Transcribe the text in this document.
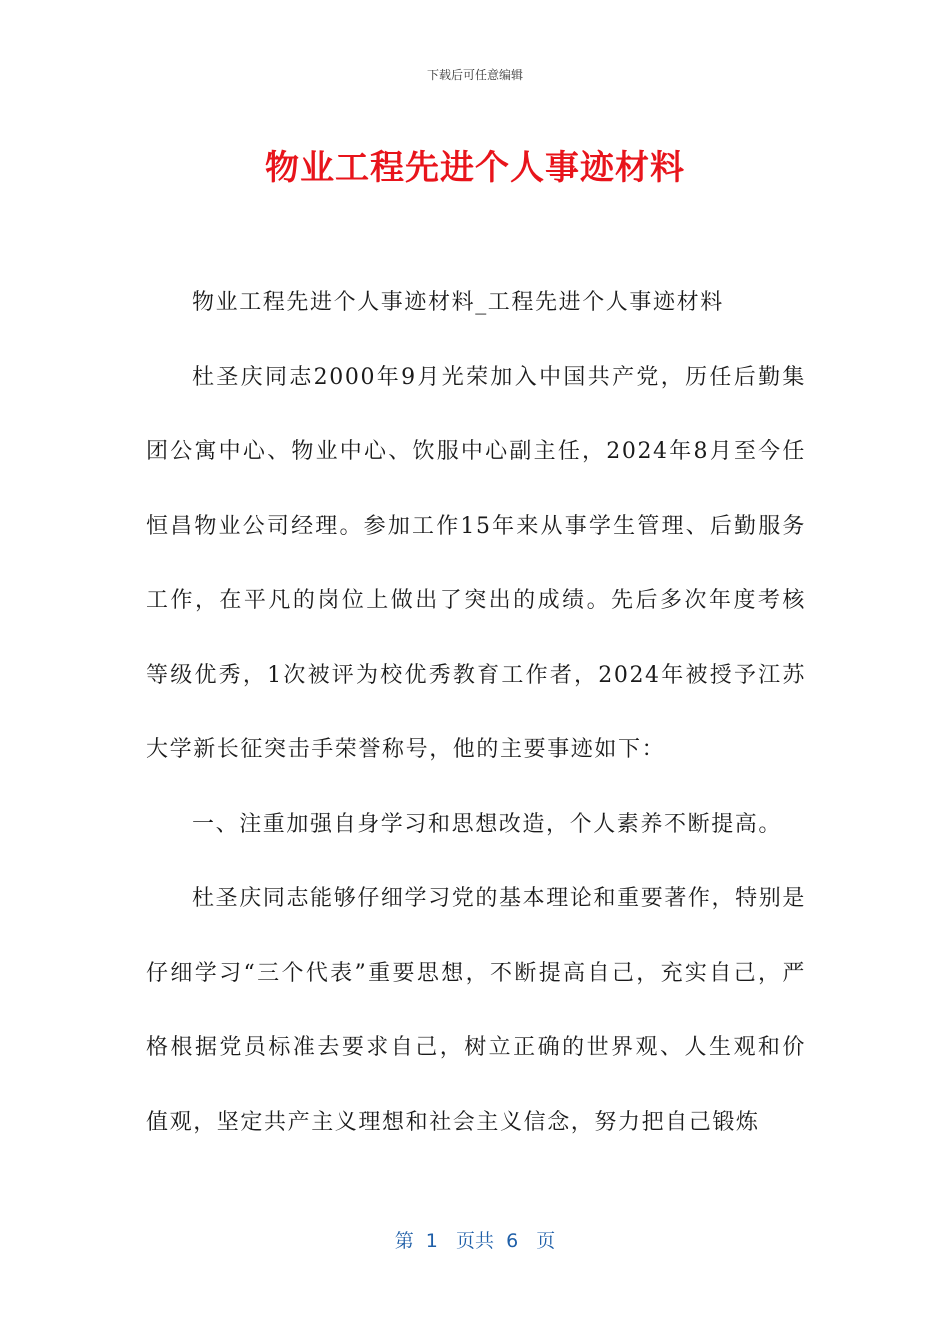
下载后可任意编辑
物业工程先进个人事迹材料

物业工程先进个人事迹材料_工程先进个人事迹材料

杜圣庆同志2000年9月光荣加入中国共产党，历任后勤集团公寓中心、物业中心、饮服中心副主任，2024年8月至今任恒昌物业公司经理。参加工作15年来从事学生管理、后勤服务工作，在平凡的岗位上做出了突出的成绩。先后多次年度考核等级优秀，1次被评为校优秀教育工作者，2024年被授予江苏大学新长征突击手荣誉称号，他的主要事迹如下：

一、注重加强自身学习和思想改造，个人素养不断提高。

杜圣庆同志能够仔细学习党的基本理论和重要著作，特别是仔细学习“三个代表”重要思想，不断提高自己，充实自己，严格根据党员标准去要求自己，树立正确的世界观、人生观和价值观，坚定共产主义理想和社会主义信念，努力把自己锻炼

第  1   页共  6   页
